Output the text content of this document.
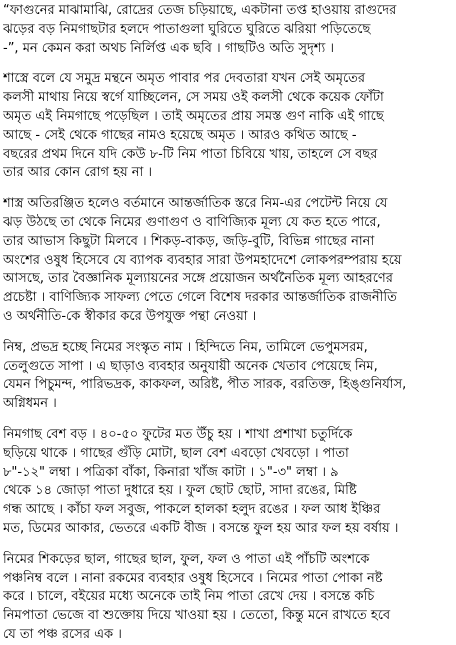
“ফাগুনের মাঝামাঝি, রোদ্রের তেজ চড়িয়াছে, একটানা তপ্ত হাওয়ায় রাগুদের
ঝড়ের বড় নিমগাছটার হলদে পাতাগুলা ঘুরিতে ঘুরিতে ঝরিয়া পড়িতেছে
-”, মন কেমন করা অথচ নির্লিপ্ত এক ছবি । গাছটিও অতি সুদৃশ্য ।
শাস্ত্রে বলে যে সমুদ্র মন্থনে অমৃত পাবার পর দেবতারা যখন সেই অমৃতের
কলসী মাথায় নিয়ে স্বর্গে যাচ্ছিলেন, সে সময় ওই কলসী থেকে কয়েক ফোঁটা
অমৃত এই নিমগাছে পড়েছিল । তাই অমৃতের প্রায় সমস্ত গুণ নাকি এই গাছে
আছে - সেই থেকে গাছের নামও হয়েছে অমৃত । আরও কথিত আছে -
বছরের প্রথম দিনে যদি কেউ ৮-টি নিম পাতা চিবিয়ে খায়, তাহলে সে বছর
তার আর কোন রোগ হয় না ।
শাস্ত্র অতিরঞ্জিত হলেও বর্তমানে আন্তর্জাতিক স্তরে নিম-এর পেটেন্ট নিয়ে যে
ঝড় উঠছে তা থেকে নিমের গুণাগুণ ও বাণিজ্যিক মূল্য যে কত হতে পারে,
তার আভাস কিছুটা মিলবে । শিকড়-বাকড়, জড়ি-বুটি, বিভিন্ন গাছের নানা
অংশের ওষুধ হিসেবে যে ব্যাপক ব্যবহার সারা উপমহাদেশে লোকপরম্পরায় হয়ে
আসছে, তার বৈজ্ঞানিক মূল্যায়নের সঙ্গে প্রয়োজন অর্থনৈতিক মূল্য আহরণের
প্রচেষ্টা । বাণিজ্যিক সাফল্য পেতে গেলে বিশেষ দরকার আন্তর্জাতিক রাজনীতি
ও অর্থনীতি-কে স্বীকার করে উপযুক্ত পন্থা নেওয়া ।
নিম্ব, প্রভদ্র হচ্ছে নিমের সংস্কৃত নাম । হিন্দিতে নিম, তামিলে ভেপুমসরম,
তেলুগুতে সাপা । এ ছাড়াও ব্যবহার অনুযায়ী অনেক খেতাব পেয়েছে নিম,
যেমন পিচুমন্দ, পারিভদ্রক, কাকফল, অরিষ্ট, পীত সারক, বরতিক্ত, হিঙ্গুনির্যাস,
অগ্নিধমন ।
নিমগাছ বেশ বড় । ৪০-৫০ ফুটের মত উঁচু হয় । শাখা প্রশাখা চতুর্দিকে
ছড়িয়ে থাকে । গাছের গুঁড়ি মোটা, ছাল বেশ এবড়ো খেবড়ো । পাতা
৮"-১২" লম্বা । পত্রিকা বাঁকা, কিনারা খাঁজ কাটা । ১"-৩" লম্বা । ৯
থেকে ১৪ জোড়া পাতা দুধারে হয় । ফুল ছোট ছোট, সাদা রঙের, মিষ্টি
গন্ধ আছে । কাঁচা ফল সবুজ, পাকলে হালকা হলুদ রঙের । ফল আধ ইঞ্চির
মত, ডিমের আকার, ভেতরে একটি বীজ । বসন্তে ফুল হয় আর ফল হয় বর্ষায় ।
নিমের শিকড়ের ছাল, গাছের ছাল, ফুল, ফল ও পাতা এই পাঁচটি অংশকে
পঞ্চনিম্ব বলে । নানা রকমের ব্যবহার ওষুধ হিসেবে । নিমের পাতা পোকা নষ্ট
করে । চালে, বইয়ের মধ্যে অনেকে তাই নিম পাতা রেখে দেয় । বসন্তে কচি
নিমপাতা ভেজে বা শুক্তোয় দিয়ে খাওয়া হয় । তেতো, কিন্তু মনে রাখতে হবে
যে তা পঞ্চ রসের এক ।
